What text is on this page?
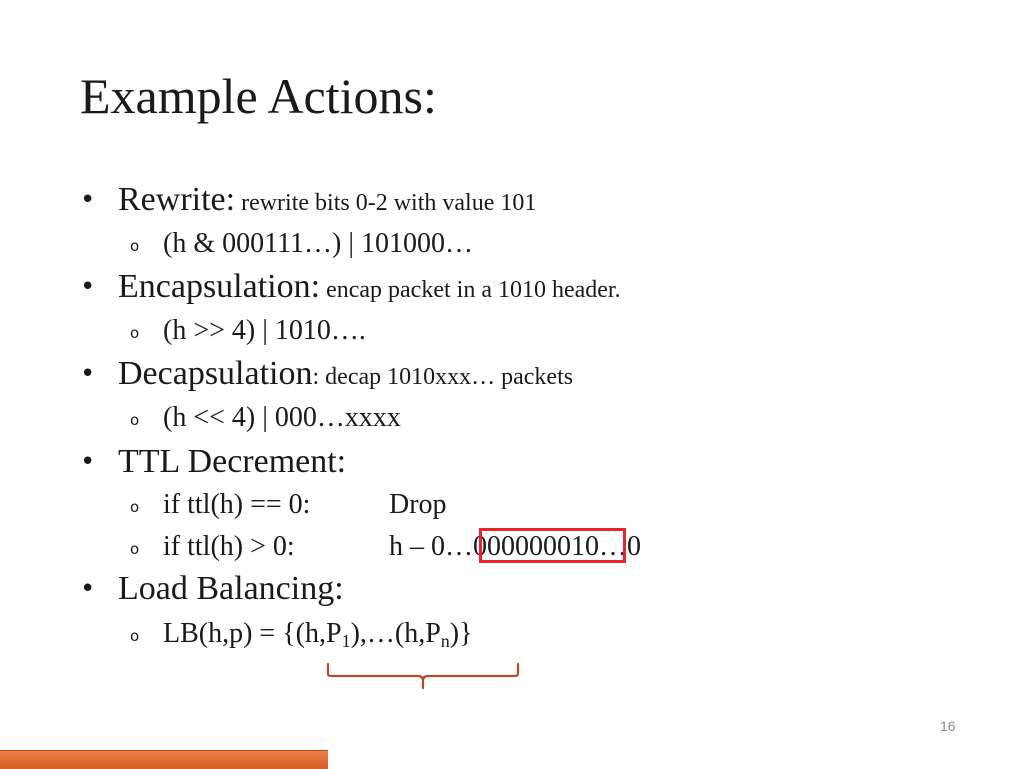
Example Actions:
• Rewrite: rewrite bits 0-2 with value 101
o (h & 000111…) | 101000…
• Encapsulation: encap packet in a 1010 header.
o (h >> 4) | 1010….
• Decapsulation: decap 1010xxx… packets
o (h << 4) | 000…xxxx
• TTL Decrement:
o if ttl(h) == 0:	Drop
o if ttl(h) > 0:	h – 0…000000010…0
• Load Balancing:
o $LB(h,p) = \{(h,P_1),\dots(h,P_n)\}$
16
